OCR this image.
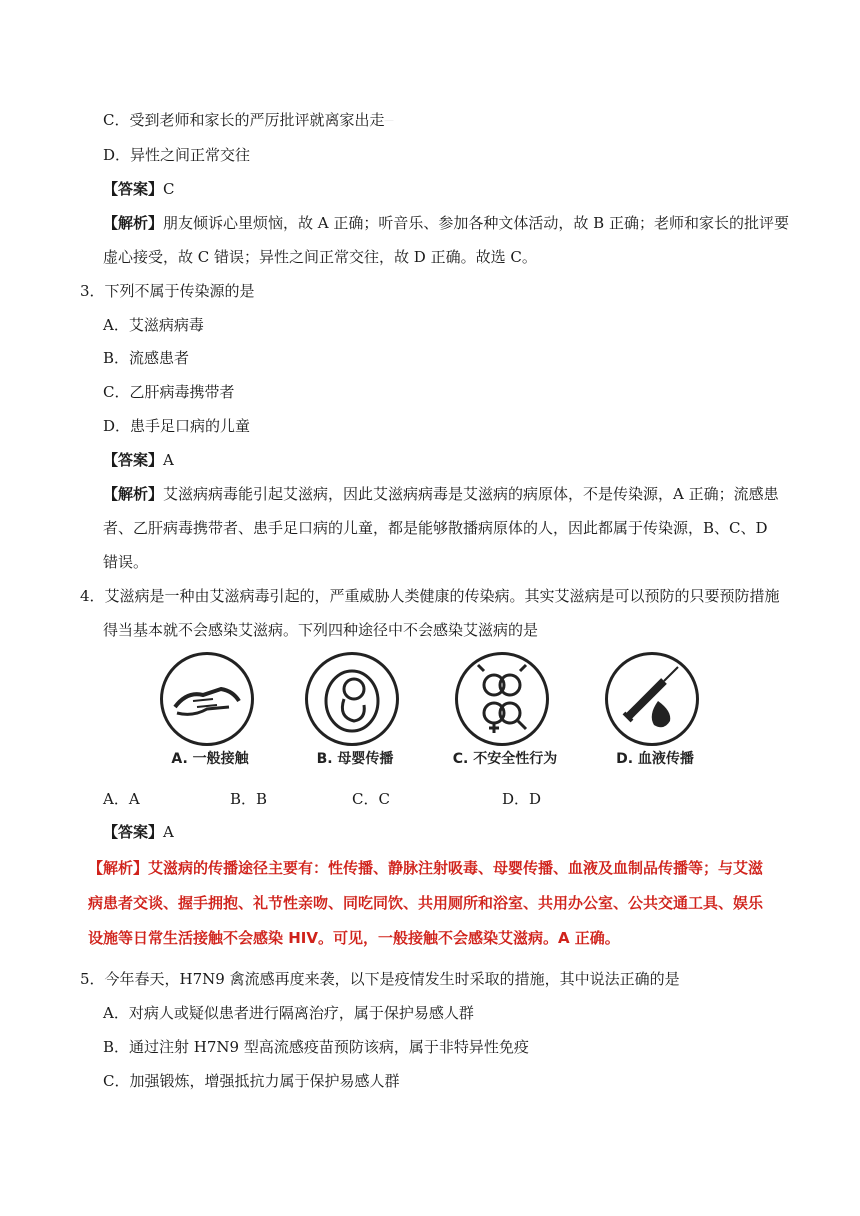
C．受到老师和家长的严厉批评就离家出走………
D．异性之间正常交往
【答案】C
【解析】朋友倾诉心里烦恼，故 A 正确；听音乐、参加各种文体活动，故 B 正确；老师和家长的批评要
虚心接受，故 C 错误；异性之间正常交往，故 D 正确。故选 C。
3．下列不属于传染源的是
A．艾滋病病毒
B．流感患者
C．乙肝病毒携带者
D．患手足口病的儿童
【答案】A
【解析】艾滋病病毒能引起艾滋病，因此艾滋病病毒是艾滋病的病原体，不是传染源，A 正确；流感患
者、乙肝病毒携带者、患手足口病的儿童，都是能够散播病原体的人，因此都属于传染源，B、C、D
错误。
4．艾滋病是一种由艾滋病毒引起的，严重威胁人类健康的传染病。其实艾滋病是可以预防的只要预防措施
得当基本就不会感染艾滋病。下列四种途径中不会感染艾滋病的是
A. 一般接触	B. 母婴传播	C. 不安全性行为	D. 血液传播
A．A	B．B	C．C	D．D
【答案】A
【解析】艾滋病的传播途径主要有：性传播、静脉注射吸毒、母婴传播、血液及血制品传播等；与艾滋
病患者交谈、握手拥抱、礼节性亲吻、同吃同饮、共用厕所和浴室、共用办公室、公共交通工具、娱乐
设施等日常生活接触不会感染 HIV。可见，一般接触不会感染艾滋病。A 正确。
5．今年春天，H7N9 禽流感再度来袭，以下是疫情发生时采取的措施，其中说法正确的是
A．对病人或疑似患者进行隔离治疗，属于保护易感人群
B．通过注射 H7N9 型高流感疫苗预防该病，属于非特异性免疫
C．加强锻炼，增强抵抗力属于保护易感人群
